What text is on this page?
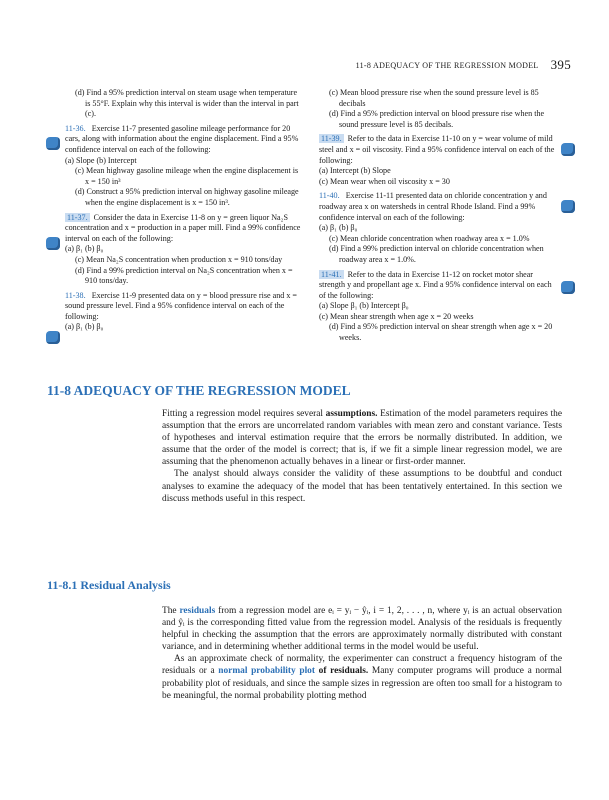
11-8 ADEQUACY OF THE REGRESSION MODEL 395

(d) Find a 95% prediction interval on steam usage when temperature is 55°F. Explain why this interval is wider than the interval in part (c).

11-36. Exercise 11-7 presented gasoline mileage performance for 20 cars, along with information about the engine displacement. Find a 95% confidence interval on each of the following:

(a) Slope (b) Intercept

(c) Mean highway gasoline mileage when the engine displacement is x = 150 in³

(d) Construct a 95% prediction interval on highway gasoline mileage when the engine displacement is x = 150 in³.

11-37. Consider the data in Exercise 11-8 on y = green liquor Na₂S concentration and x = production in a paper mill. Find a 99% confidence interval on each of the following:

(a) β₁ (b) β₀

(c) Mean Na₂S concentration when production x = 910 tons/day

(d) Find a 99% prediction interval on Na₂S concentration when x = 910 tons/day.

11-38. Exercise 11-9 presented data on y = blood pressure rise and x = sound pressure level. Find a 95% confidence interval on each of the following:

(a) β₁ (b) β₀

(c) Mean blood pressure rise when the sound pressure level is 85 decibals

(d) Find a 95% prediction interval on blood pressure rise when the sound pressure level is 85 decibals.

11-39. Refer to the data in Exercise 11-10 on y = wear volume of mild steel and x = oil viscosity. Find a 95% confidence interval on each of the following:

(a) Intercept (b) Slope

(c) Mean wear when oil viscosity x = 30

11-40. Exercise 11-11 presented data on chloride concentration y and roadway area x on watersheds in central Rhode Island. Find a 99% confidence interval on each of the following:

(a) β₁ (b) β₀

(c) Mean chloride concentration when roadway area x = 1.0%

(d) Find a 99% prediction interval on chloride concentration when roadway area x = 1.0%.

11-41. Refer to the data in Exercise 11-12 on rocket motor shear strength y and propellant age x. Find a 95% confidence interval on each of the following:

(a) Slope β₁ (b) Intercept β₀

(c) Mean shear strength when age x = 20 weeks

(d) Find a 95% prediction interval on shear strength when age x = 20 weeks.

11-8 ADEQUACY OF THE REGRESSION MODEL

Fitting a regression model requires several assumptions. Estimation of the model parameters requires the assumption that the errors are uncorrelated random variables with mean zero and constant variance. Tests of hypotheses and interval estimation require that the errors be normally distributed. In addition, we assume that the order of the model is correct; that is, if we fit a simple linear regression model, we are assuming that the phenomenon actually behaves in a linear or first-order manner.

The analyst should always consider the validity of these assumptions to be doubtful and conduct analyses to examine the adequacy of the model that has been tentatively entertained. In this section we discuss methods useful in this respect.

11-8.1 Residual Analysis

The residuals from a regression model are eᵢ = yᵢ − ŷᵢ, i = 1, 2, . . . , n, where yᵢ is an actual observation and ŷᵢ is the corresponding fitted value from the regression model. Analysis of the residuals is frequently helpful in checking the assumption that the errors are approximately normally distributed with constant variance, and in determining whether additional terms in the model would be useful.

As an approximate check of normality, the experimenter can construct a frequency histogram of the residuals or a normal probability plot of residuals. Many computer programs will produce a normal probability plot of residuals, and since the sample sizes in regression are often too small for a histogram to be meaningful, the normal probability plotting method
